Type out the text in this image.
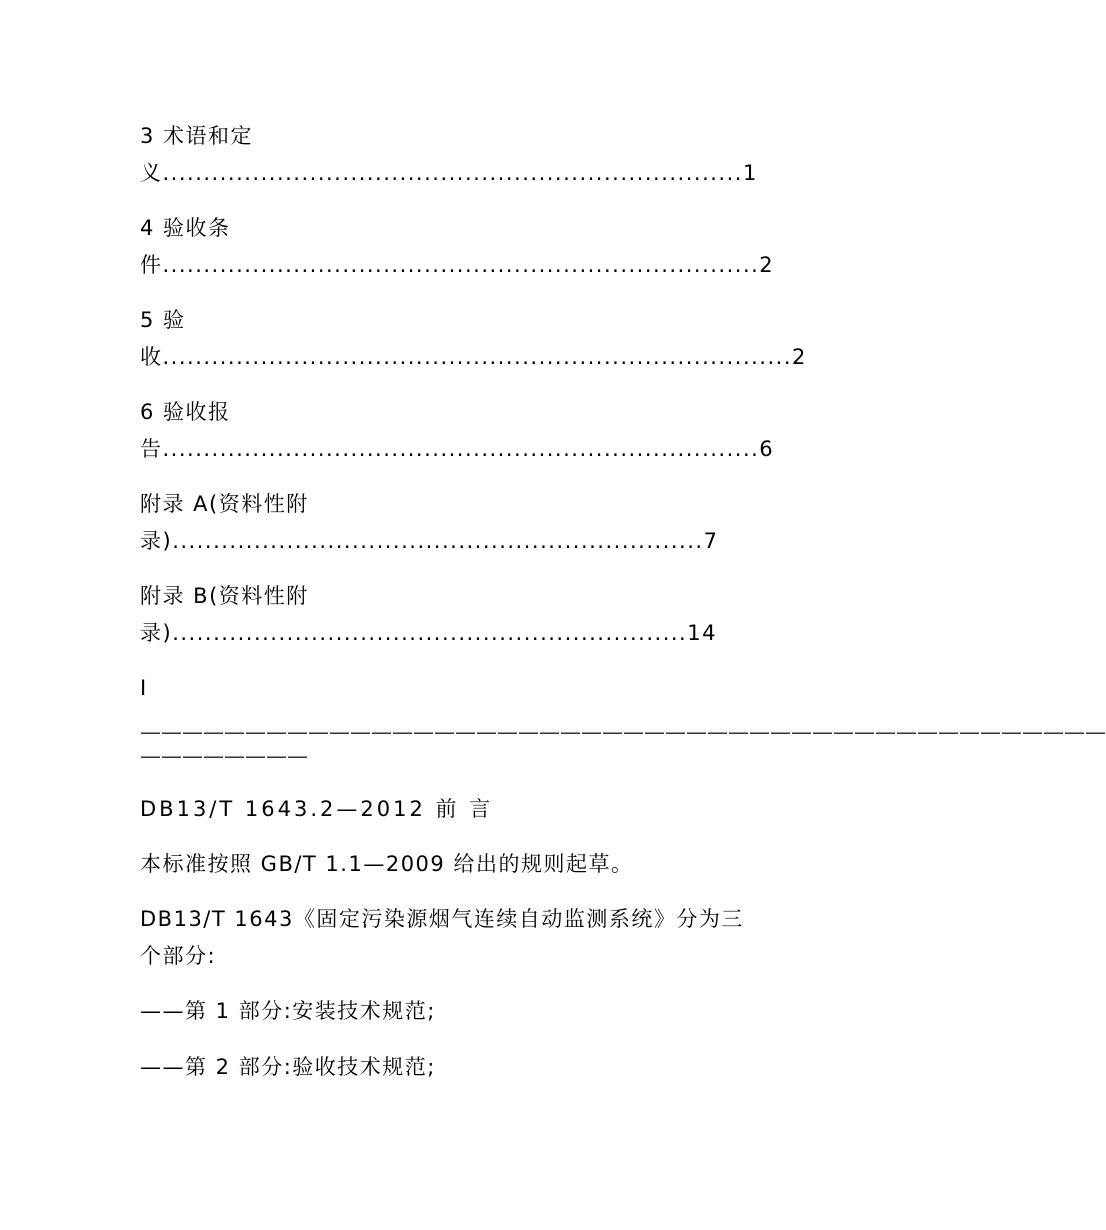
3 术语和定
义.......................................................................1
4 验收条
件.........................................................................2
5 验
收.............................................................................2
6 验收报
告.........................................................................6
附录 A(资料性附
录).................................................................7
附录 B(资料性附
录)...............................................................14
I
——————————————————————————————————————————————
————————
DB13/T 1643.2—2012 前 言
本标准按照 GB/T 1.1—2009 给出的规则起草。
DB13/T 1643《固定污染源烟气连续自动监测系统》分为三
个部分:
——第 1 部分:安装技术规范;
——第 2 部分:验收技术规范;
